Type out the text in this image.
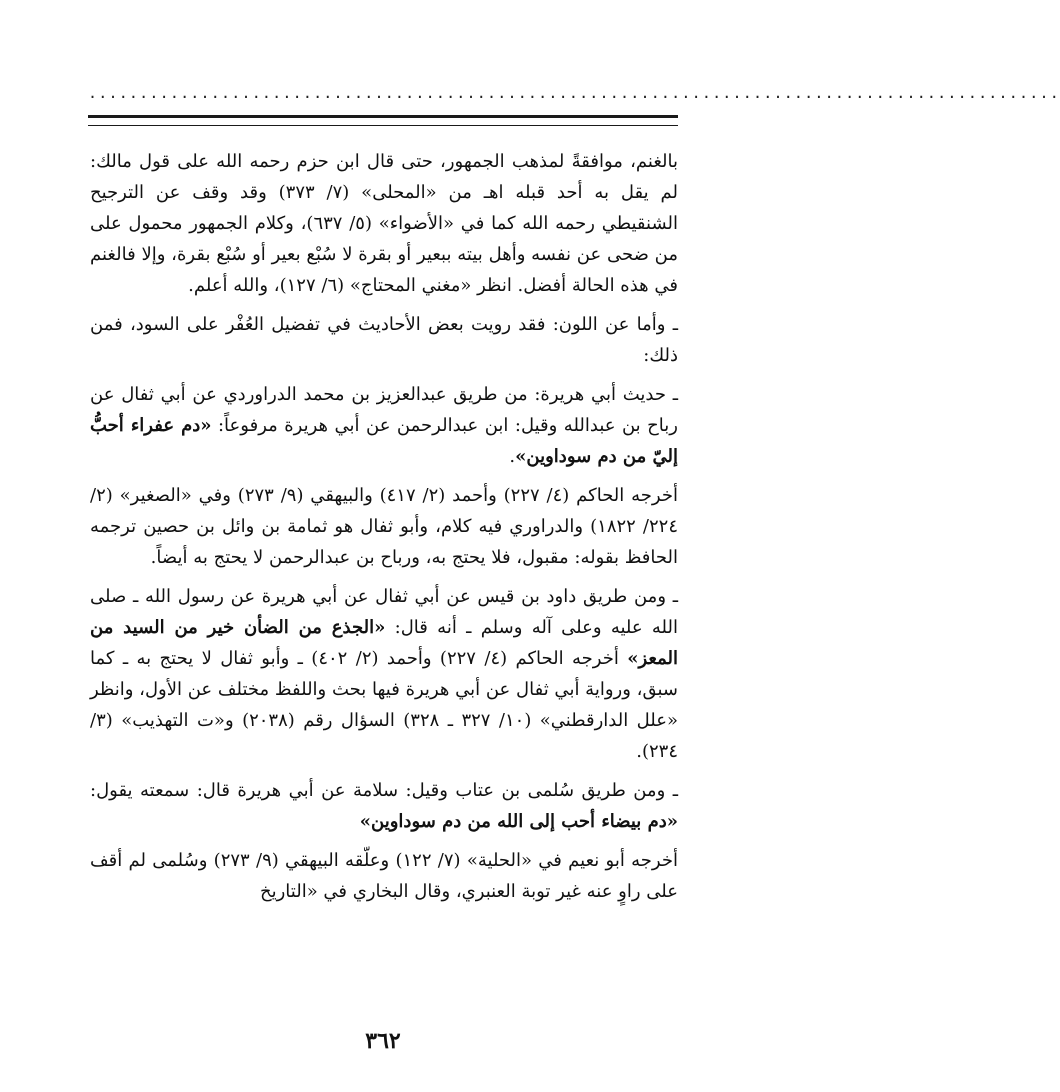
...............................................................................................

بالغنم، موافقةً لمذهب الجمهور، حتى قال ابن حزم رحمه الله على قول مالك: لم يقل به أحد قبله اهـ من «المحلى» (٧/ ٣٧٣) وقد وقف عن الترجيح الشنقيطي رحمه الله كما في «الأضواء» (٥/ ٦٣٧)، وكلام الجمهور محمول على من ضحى عن نفسه وأهل بيته ببعير أو بقرة لا سُبْع بعير أو سُبْع بقرة، وإلا فالغنم في هذه الحالة أفضل. انظر «مغني المحتاج» (٦/ ١٢٧)، والله أعلم.

ـ وأما عن اللون: فقد رويت بعض الأحاديث في تفضيل العُفْر على السود، فمن ذلك:

ـ حديث أبي هريرة: من طريق عبدالعزيز بن محمد الدراوردي عن أبي ثفال عن رباح بن عبدالله وقيل: ابن عبدالرحمن عن أبي هريرة مرفوعاً: «دم عفراء أحبُّ إليّ من دم سوداوين».

أخرجه الحاكم (٤/ ٢٢٧) وأحمد (٢/ ٤١٧) والبيهقي (٩/ ٢٧٣) وفي «الصغير» (٢/ ٢٢٤/ ١٨٢٢) والدراوري فيه كلام، وأبو ثفال هو ثمامة بن وائل بن حصين ترجمه الحافظ بقوله: مقبول، فلا يحتج به، ورباح بن عبدالرحمن لا يحتج به أيضاً.

ـ ومن طريق داود بن قيس عن أبي ثفال عن أبي هريرة عن رسول الله ـ صلى الله عليه وعلى آله وسلم ـ أنه قال: «الجذع من الضأن خير من السيد من المعز» أخرجه الحاكم (٤/ ٢٢٧) وأحمد (٢/ ٤٠٢) ـ وأبو ثفال لا يحتج به ـ كما سبق، ورواية أبي ثفال عن أبي هريرة فيها بحث واللفظ مختلف عن الأول، وانظر «علل الدارقطني» (١٠/ ٣٢٧ ـ ٣٢٨) السؤال رقم (٢٠٣٨) و«ت التهذيب» (٣/ ٢٣٤).

ـ ومن طريق سُلمى بن عتاب وقيل: سلامة عن أبي هريرة قال: سمعته يقول: «دم بيضاء أحب إلى الله من دم سوداوين»

أخرجه أبو نعيم في «الحلية» (٧/ ١٢٢) وعلّقه البيهقي (٩/ ٢٧٣) وسُلمى لم أقف على راوٍ عنه غير توبة العنبري، وقال البخاري في «التاريخ

٣٦٢
